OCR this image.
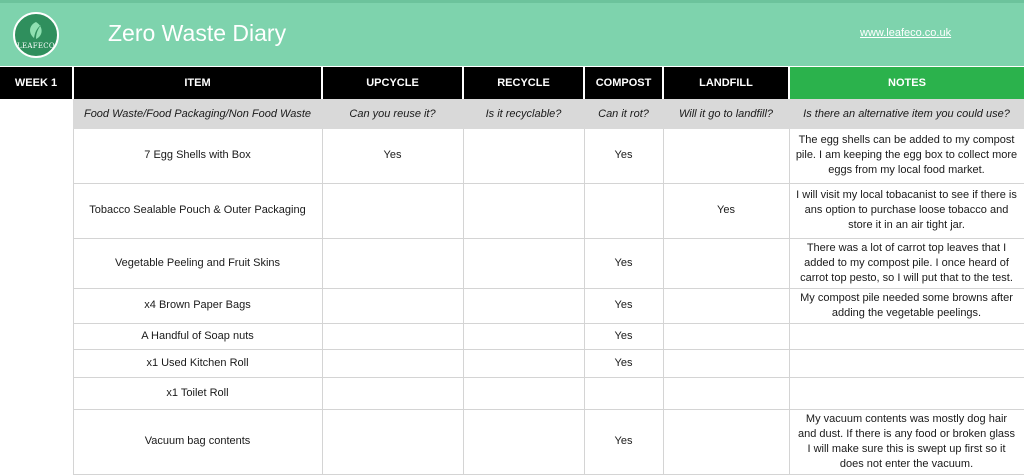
LEAFECO Zero Waste Diary	www.leafeco.co.uk
WEEK 1	ITEM	UPCYCLE	RECYCLE	COMPOST	LANDFILL	NOTES
	Food Waste/Food Packaging/Non Food Waste	Can you reuse it?	Is it recyclable?	Can it rot?	Will it go to landfill?	Is there an alternative item you could use?
	7 Egg Shells with Box	Yes		Yes		The egg shells can be added to my compost pile. I am keeping the egg box to collect more eggs from my local food market.
	Tobacco Sealable Pouch & Outer Packaging				Yes	I will visit my local tobacanist to see if there is ans option to purchase loose tobacco and store it in an air tight jar.
	Vegetable Peeling and Fruit Skins			Yes		There was a lot of carrot top leaves that I added to my compost pile. I once heard of carrot top pesto, so I will put that to the test.
	x4 Brown Paper Bags			Yes		My compost pile needed some browns after adding the vegetable peelings.
	A Handful of Soap nuts			Yes		
	x1 Used Kitchen Roll			Yes		
	x1 Toilet Roll					
	Vacuum bag contents			Yes		My vacuum contents was mostly dog hair and dust. If there is any food or broken glass I will make sure this is swept up first so it does not enter the vacuum.
